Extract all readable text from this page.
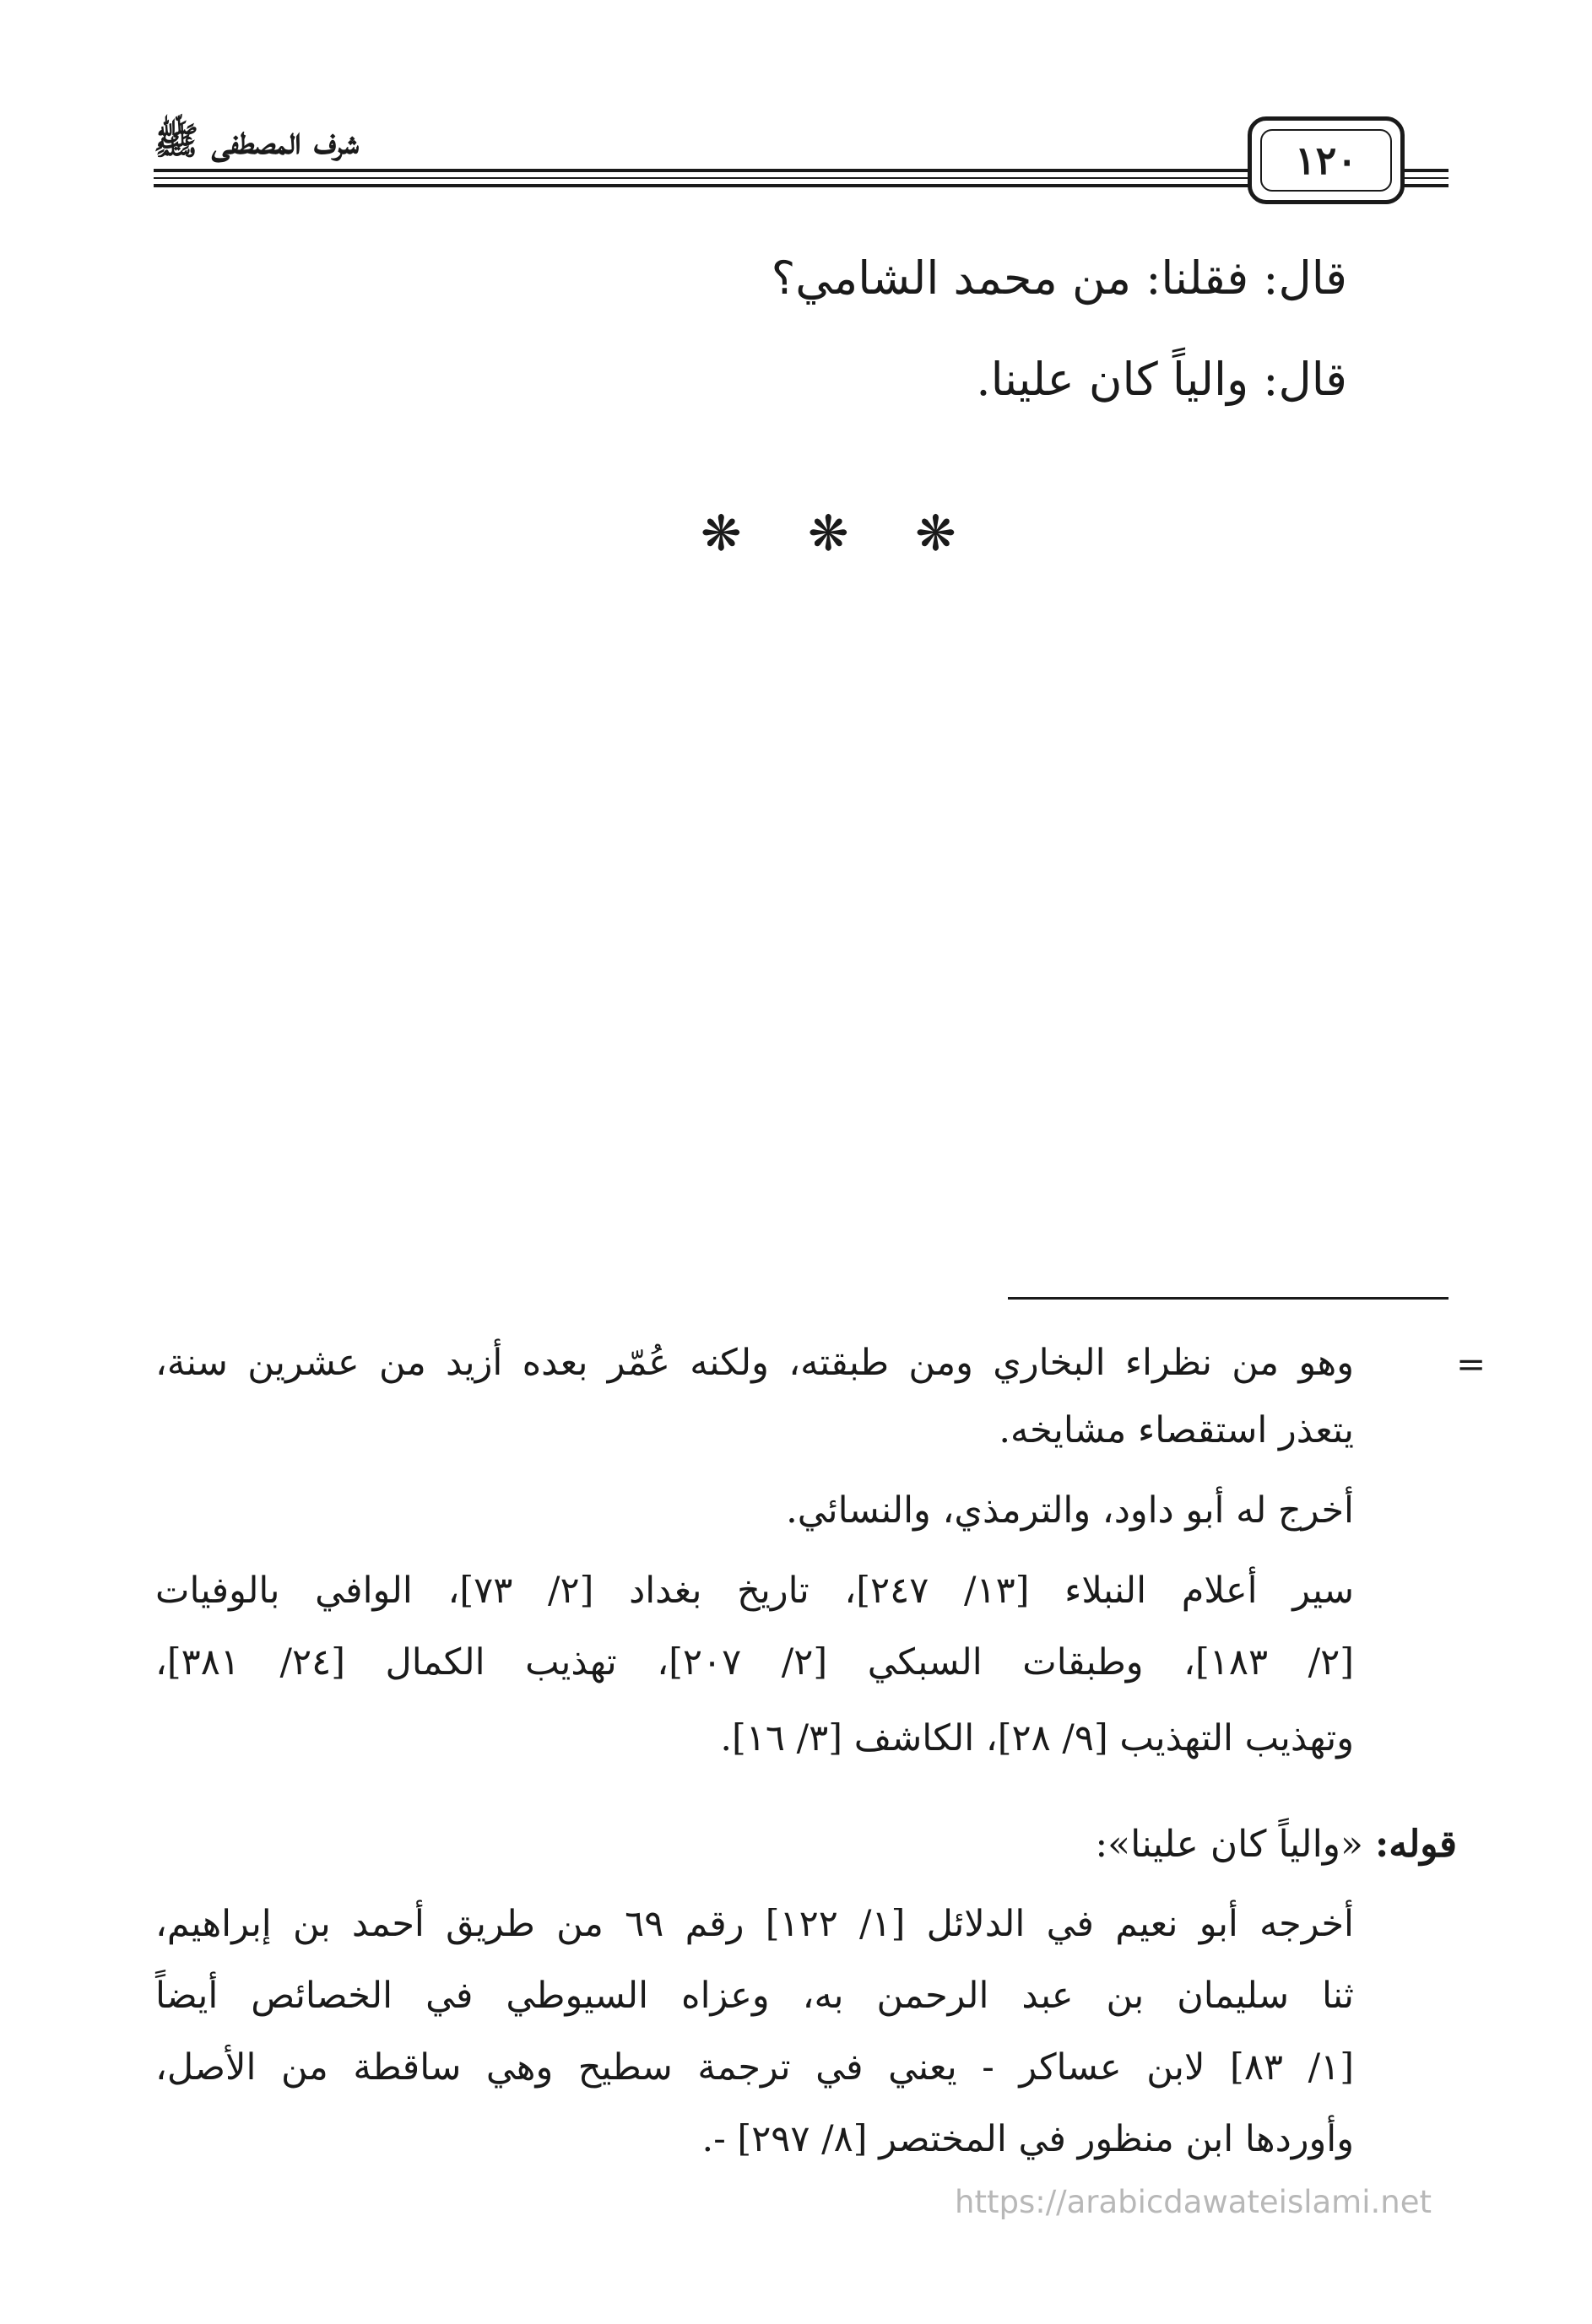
شرف المصطفى ﷺ	١٢٠
قال: فقلنا: من محمد الشامي؟
قال: والياً كان علينا.
❋ ❋ ❋
=
وهو من نظراء البخاري ومن طبقته، ولكنه عُمّر بعده أزيد من عشرين سنة،
يتعذر استقصاء مشايخه.
أخرج له أبو داود، والترمذي، والنسائي.
سير أعلام النبلاء [١٣/ ٢٤٧]، تاريخ بغداد [٢/ ٧٣]، الوافي بالوفيات
[٢/ ١٨٣]، وطبقات السبكي [٢/ ٢٠٧]، تهذيب الكمال [٢٤/ ٣٨١]،
وتهذيب التهذيب [٩/ ٢٨]، الكاشف [٣/ ١٦].
قوله: «والياً كان علينا»:
أخرجه أبو نعيم في الدلائل [١/ ١٢٢] رقم ٦٩ من طريق أحمد بن إبراهيم،
ثنا سليمان بن عبد الرحمن به، وعزاه السيوطي في الخصائص أيضاً
[١/ ٨٣] لابن عساكر - يعني في ترجمة سطيح وهي ساقطة من الأصل،
وأوردها ابن منظور في المختصر [٨/ ٢٩٧] -.
https://arabicdawateislami.net
